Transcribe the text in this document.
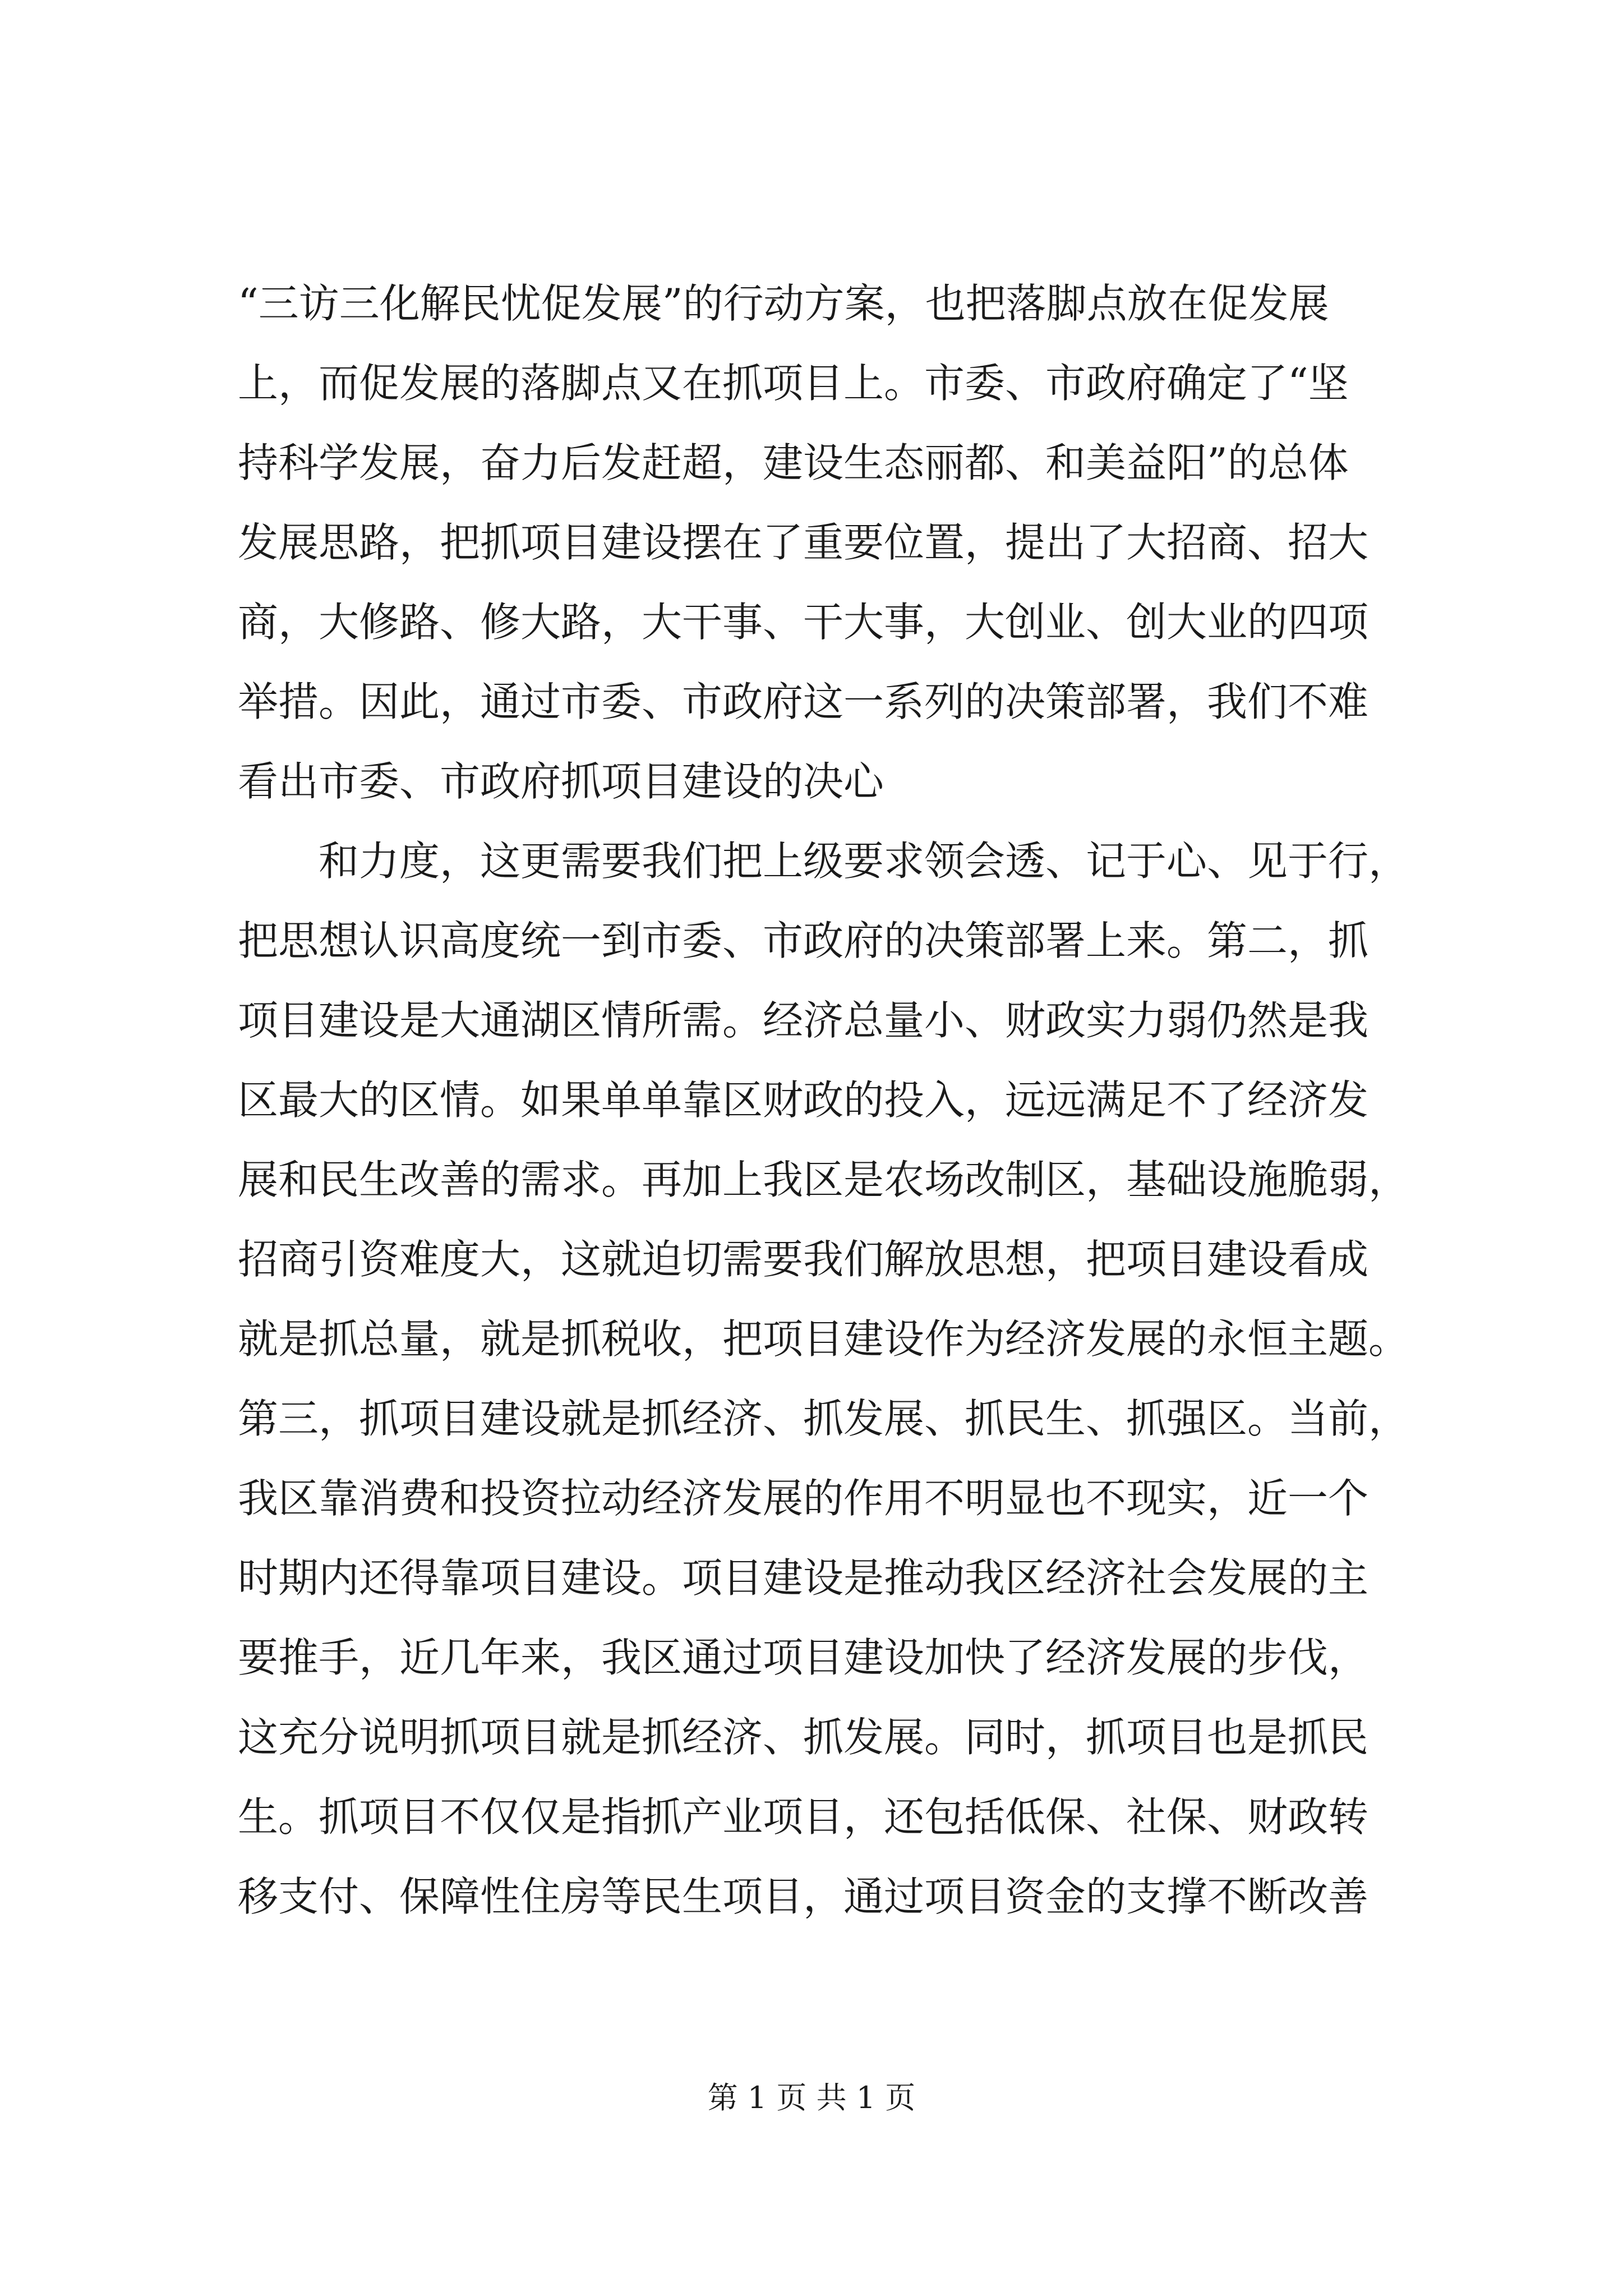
“三访三化解民忧促发展”的行动方案，也把落脚点放在促发展
上，而促发展的落脚点又在抓项目上。市委、市政府确定了“坚
持科学发展，奋力后发赶超，建设生态丽都、和美益阳”的总体
发展思路，把抓项目建设摆在了重要位置，提出了大招商、招大
商，大修路、修大路，大干事、干大事，大创业、创大业的四项
举措。因此，通过市委、市政府这一系列的决策部署，我们不难
看出市委、市政府抓项目建设的决心
和力度，这更需要我们把上级要求领会透、记于心、见于行，
把思想认识高度统一到市委、市政府的决策部署上来。第二，抓
项目建设是大通湖区情所需。经济总量小、财政实力弱仍然是我
区最大的区情。如果单单靠区财政的投入，远远满足不了经济发
展和民生改善的需求。再加上我区是农场改制区，基础设施脆弱，
招商引资难度大，这就迫切需要我们解放思想，把项目建设看成
就是抓总量，就是抓税收，把项目建设作为经济发展的永恒主题。
第三，抓项目建设就是抓经济、抓发展、抓民生、抓强区。当前，
我区靠消费和投资拉动经济发展的作用不明显也不现实，近一个
时期内还得靠项目建设。项目建设是推动我区经济社会发展的主
要推手，近几年来，我区通过项目建设加快了经济发展的步伐，
这充分说明抓项目就是抓经济、抓发展。同时，抓项目也是抓民
生。抓项目不仅仅是指抓产业项目，还包括低保、社保、财政转
移支付、保障性住房等民生项目，通过项目资金的支撑不断改善
第 1 页 共 1 页
